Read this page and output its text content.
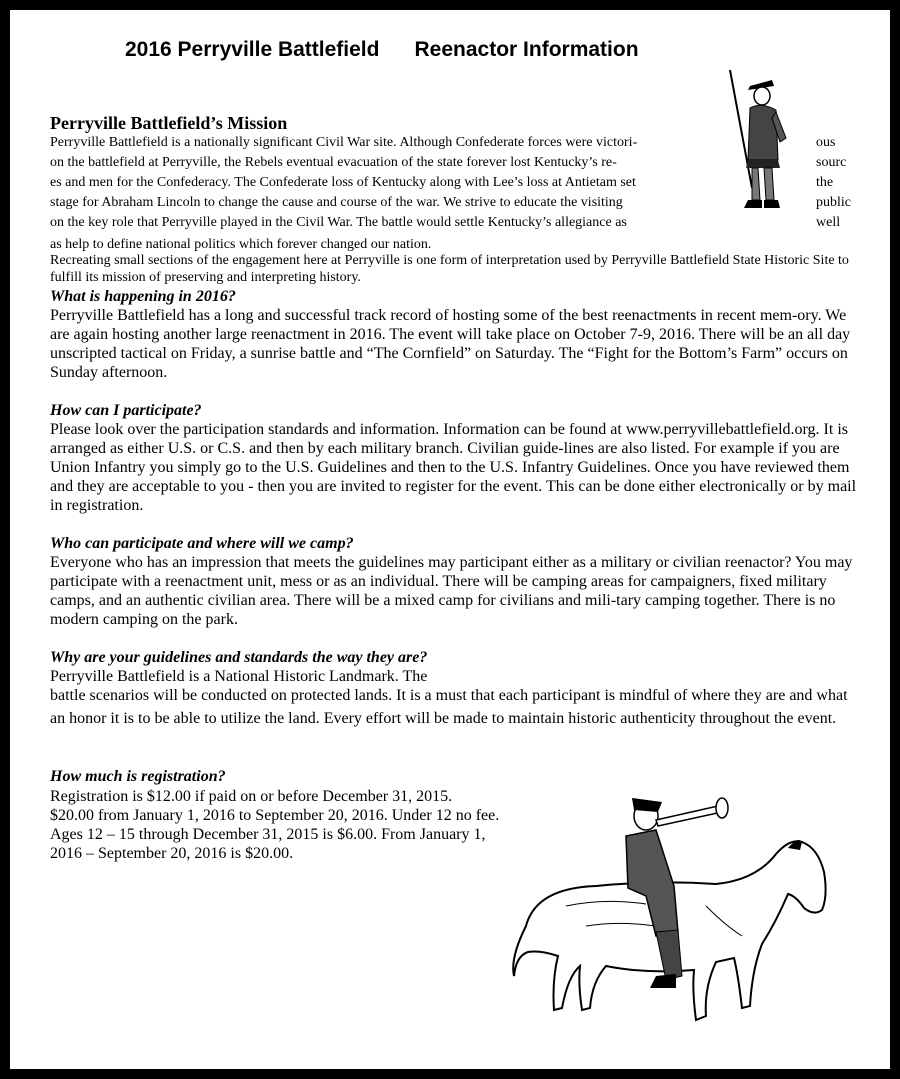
2016 Perryville Battlefield Reenactor Information
Perryville Battlefield’s Mission
Perryville Battlefield is a nationally significant Civil War site. Although Confederate forces were victori-	ous
on the battlefield at Perryville, the Rebels eventual evacuation of the state forever lost Kentucky’s re-	sourc
es and men for the Confederacy. The Confederate loss of Kentucky along with Lee’s loss at Antietam set	the
stage for Abraham Lincoln to change the cause and course of the war. We strive to educate the visiting	public
on the key role that Perryville played in the Civil War. The battle would settle Kentucky’s allegiance as	well
as help to define national politics which forever changed our nation.
Recreating small sections of the engagement here at Perryville is one form of interpretation used by Perryville Battlefield State Historic Site to fulfill its mission of preserving and interpreting history.
What is happening in 2016?
Perryville Battlefield has a long and successful track record of hosting some of the best reenactments in recent mem-ory. We are again hosting another large reenactment in 2016. The event will take place on October 7-9, 2016. There will be an all day unscripted tactical on Friday, a sunrise battle and “The Cornfield” on Saturday. The “Fight for the Bottom’s Farm” occurs on Sunday afternoon.
How can I participate?
Please look over the participation standards and information. Information can be found at www.perryvillebattlefield.org. It is arranged as either U.S. or C.S. and then by each military branch. Civilian guide-lines are also listed. For example if you are Union Infantry you simply go to the U.S. Guidelines and then to the U.S. Infantry Guidelines. Once you have reviewed them and they are acceptable to you - then you are invited to register for the event. This can be done either electronically or by mail in registration.
Who can participate and where will we camp?
Everyone who has an impression that meets the guidelines may participant either as a military or civilian reenactor? You may participate with a reenactment unit, mess or as an individual. There will be camping areas for campaigners, fixed military camps, and an authentic civilian area. There will be a mixed camp for civilians and mili-tary camping together. There is no modern camping on the park.
Why are your guidelines and standards the way they are?
Perryville Battlefield is a National Historic Landmark. The
battle scenarios will be conducted on protected lands. It is a must that each participant is mindful of where they are and what an honor it is to be able to utilize the land. Every effort will be made to maintain historic authenticity throughout the event.
How much is registration?
Registration is $12.00 if paid on or before December 31, 2015. $20.00 from January 1, 2016 to September 20, 2016. Under 12 no fee. Ages 12 – 15 through December 31, 2015 is $6.00. From January 1, 2016 – September 20, 2016 is $20.00.
